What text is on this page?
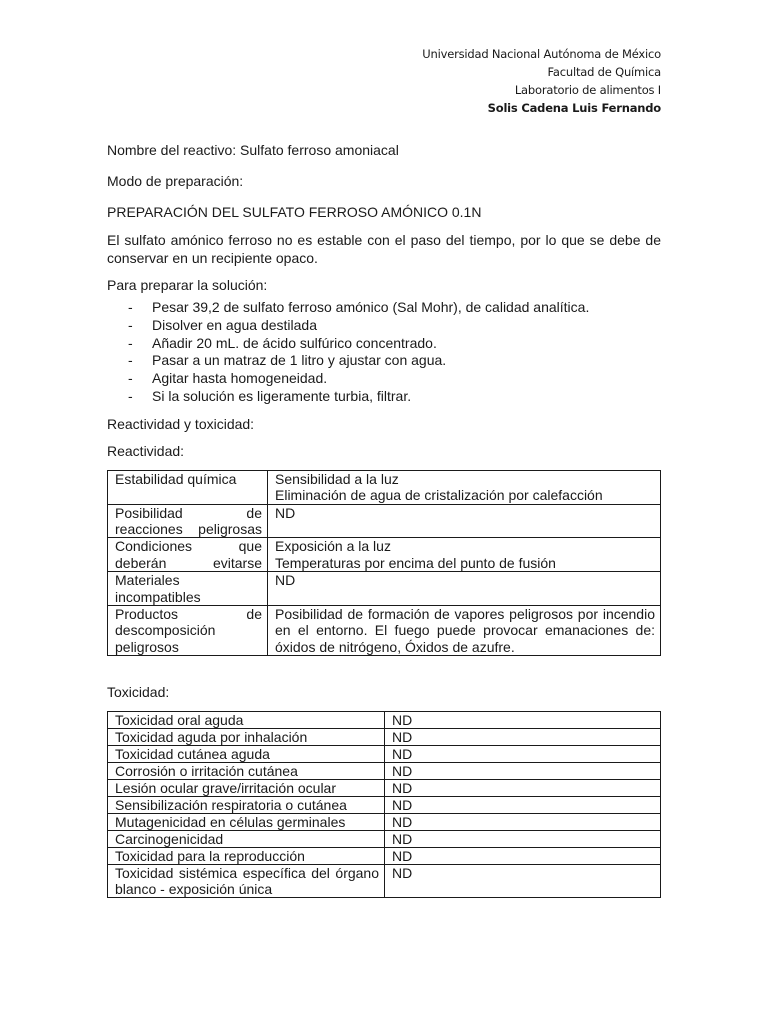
Universidad Nacional Autónoma de México
Facultad de Química
Laboratorio de alimentos I
Solis Cadena Luis Fernando

Nombre del reactivo: Sulfato ferroso amoniacal

Modo de preparación:

PREPARACIÓN DEL SULFATO FERROSO AMÓNICO 0.1N

El sulfato amónico ferroso no es estable con el paso del tiempo, por lo que se debe de conservar en un recipiente opaco.

Para preparar la solución:

- Pesar 39,2 de sulfato ferroso amónico (Sal Mohr), de calidad analítica.
- Disolver en agua destilada
- Añadir 20 mL. de ácido sulfúrico concentrado.
- Pasar a un matraz de 1 litro y ajustar con agua.
- Agitar hasta homogeneidad.
- Si la solución es ligeramente turbia, filtrar.

Reactividad y toxicidad:

Reactividad:

Estabilidad química	Sensibilidad a la luz
Eliminación de agua de cristalización por calefacción
Posibilidad de reacciones peligrosas	ND
Condiciones que deberán evitarse	Exposición a la luz
Temperaturas por encima del punto de fusión
Materiales incompatibles	ND
Productos de descomposición peligrosos	Posibilidad de formación de vapores peligrosos por incendio en el entorno. El fuego puede provocar emanaciones de: óxidos de nitrógeno, Óxidos de azufre.

Toxicidad:

Toxicidad oral aguda	ND
Toxicidad aguda por inhalación	ND
Toxicidad cutánea aguda	ND
Corrosión o irritación cutánea	ND
Lesión ocular grave/irritación ocular	ND
Sensibilización respiratoria o cutánea	ND
Mutagenicidad en células germinales	ND
Carcinogenicidad	ND
Toxicidad para la reproducción	ND
Toxicidad sistémica específica del órgano blanco - exposición única	ND
